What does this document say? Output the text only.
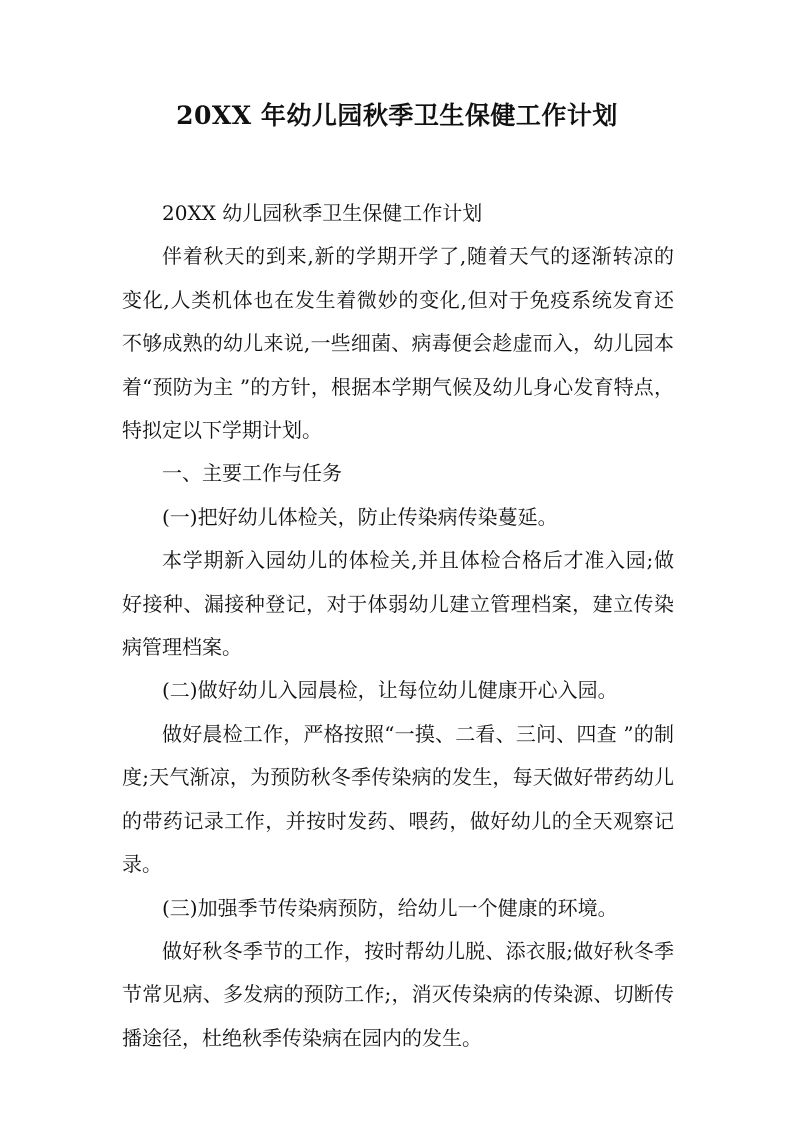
20XX 年幼儿园秋季卫生保健工作计划

20XX 幼儿园秋季卫生保健工作计划

伴着秋天的到来,新的学期开学了,随着天气的逐渐转凉的变化,人类机体也在发生着微妙的变化,但对于免疫系统发育还不够成熟的幼儿来说,一些细菌、病毒便会趁虚而入，幼儿园本着“预防为主 ”的方针，根据本学期气候及幼儿身心发育特点，特拟定以下学期计划。

一、主要工作与任务

(一)把好幼儿体检关，防止传染病传染蔓延。

本学期新入园幼儿的体检关,并且体检合格后才准入园;做好接种、漏接种登记，对于体弱幼儿建立管理档案，建立传染病管理档案。

(二)做好幼儿入园晨检，让每位幼儿健康开心入园。

做好晨检工作，严格按照“一摸、二看、三问、四查 ”的制度;天气渐凉，为预防秋冬季传染病的发生，每天做好带药幼儿的带药记录工作，并按时发药、喂药，做好幼儿的全天观察记录。

(三)加强季节传染病预防，给幼儿一个健康的环境。

做好秋冬季节的工作，按时帮幼儿脱、添衣服;做好秋冬季节常见病、多发病的预防工作;，消灭传染病的传染源、切断传播途径，杜绝秋季传染病在园内的发生。
